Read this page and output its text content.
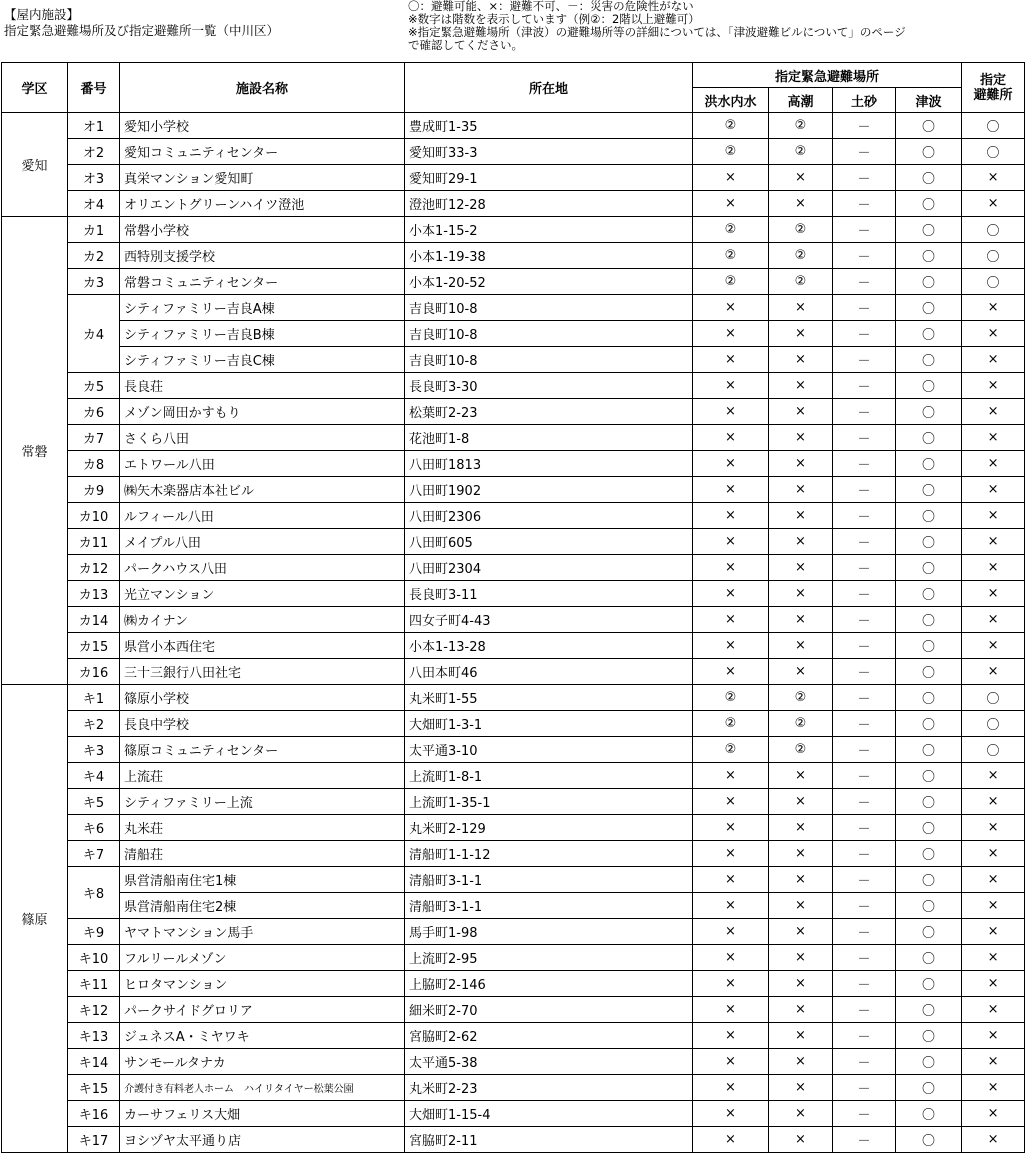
【屋内施設】
指定緊急避難場所及び指定避難所一覧（中川区）
〇：避難可能、×：避難不可、－：災害の危険性がない
※数字は階数を表示しています（例②：2階以上避難可）
※指定緊急避難場所（津波）の避難場所等の詳細については、「津波避難ビルについて」のページ
で確認してください。
学区	番号	施設名称	所在地	指定緊急避難場所				指定
避難所

				洪水内水	高潮	土砂	津波	
愛知	オ1	愛知小学校	豊成町1-35	②	②	－	〇	〇
	オ2	愛知コミュニティセンター	愛知町33-3	②	②	－	〇	〇
	オ3	真栄マンション愛知町	愛知町29-1	×	×	－	〇	×
	オ4	オリエントグリーンハイツ澄池	澄池町12-28	×	×	－	〇	×
常磐	カ1	常磐小学校	小本1-15-2	②	②	－	〇	〇
	カ2	西特別支援学校	小本1-19-38	②	②	－	〇	〇
	カ3	常磐コミュニティセンター	小本1-20-52	②	②	－	〇	〇
	カ4	シティファミリー吉良A棟	吉良町10-8	×	×	－	〇	×
		シティファミリー吉良B棟	吉良町10-8	×	×	－	〇	×
		シティファミリー吉良C棟	吉良町10-8	×	×	－	〇	×
	カ5	長良荘	長良町3-30	×	×	－	〇	×
	カ6	メゾン岡田かすもり	松葉町2-23	×	×	－	〇	×
	カ7	さくら八田	花池町1-8	×	×	－	〇	×
	カ8	エトワール八田	八田町1813	×	×	－	〇	×
	カ9	㈱矢木楽器店本社ビル	八田町1902	×	×	－	〇	×
	カ10	ルフィール八田	八田町2306	×	×	－	〇	×
	カ11	メイプル八田	八田町605	×	×	－	〇	×
	カ12	パークハウス八田	八田町2304	×	×	－	〇	×
	カ13	光立マンション	長良町3-11	×	×	－	〇	×
	カ14	㈱カイナン	四女子町4-43	×	×	－	〇	×
	カ15	県営小本西住宅	小本1-13-28	×	×	－	〇	×
	カ16	三十三銀行八田社宅	八田本町46	×	×	－	〇	×
篠原	キ1	篠原小学校	丸米町1-55	②	②	－	〇	〇
	キ2	長良中学校	大畑町1-3-1	②	②	－	〇	〇
	キ3	篠原コミュニティセンター	太平通3-10	②	②	－	〇	〇
	キ4	上流荘	上流町1-8-1	×	×	－	〇	×
	キ5	シティファミリー上流	上流町1-35-1	×	×	－	〇	×
	キ6	丸米荘	丸米町2-129	×	×	－	〇	×
	キ7	清船荘	清船町1-1-12	×	×	－	〇	×
	キ8	県営清船南住宅1棟	清船町3-1-1	×	×	－	〇	×
		県営清船南住宅2棟	清船町3-1-1	×	×	－	〇	×
	キ9	ヤマトマンション馬手	馬手町1-98	×	×	－	〇	×
	キ10	フルリールメゾン	上流町2-95	×	×	－	〇	×
	キ11	ヒロタマンション	上脇町2-146	×	×	－	〇	×
	キ12	パークサイドグロリア	細米町2-70	×	×	－	〇	×
	キ13	ジュネスA・ミヤワキ	宮脇町2-62	×	×	－	〇	×
	キ14	サンモールタナカ	太平通5-38	×	×	－	〇	×
	キ15	介護付き有料老人ホーム　ハイリタイヤー松葉公園	丸米町2-23	×	×	－	〇	×
	キ16	カーサフェリス大畑	大畑町1-15-4	×	×	－	〇	×
	キ17	ヨシヅヤ太平通り店	宮脇町2-11	×	×	－	〇	×
